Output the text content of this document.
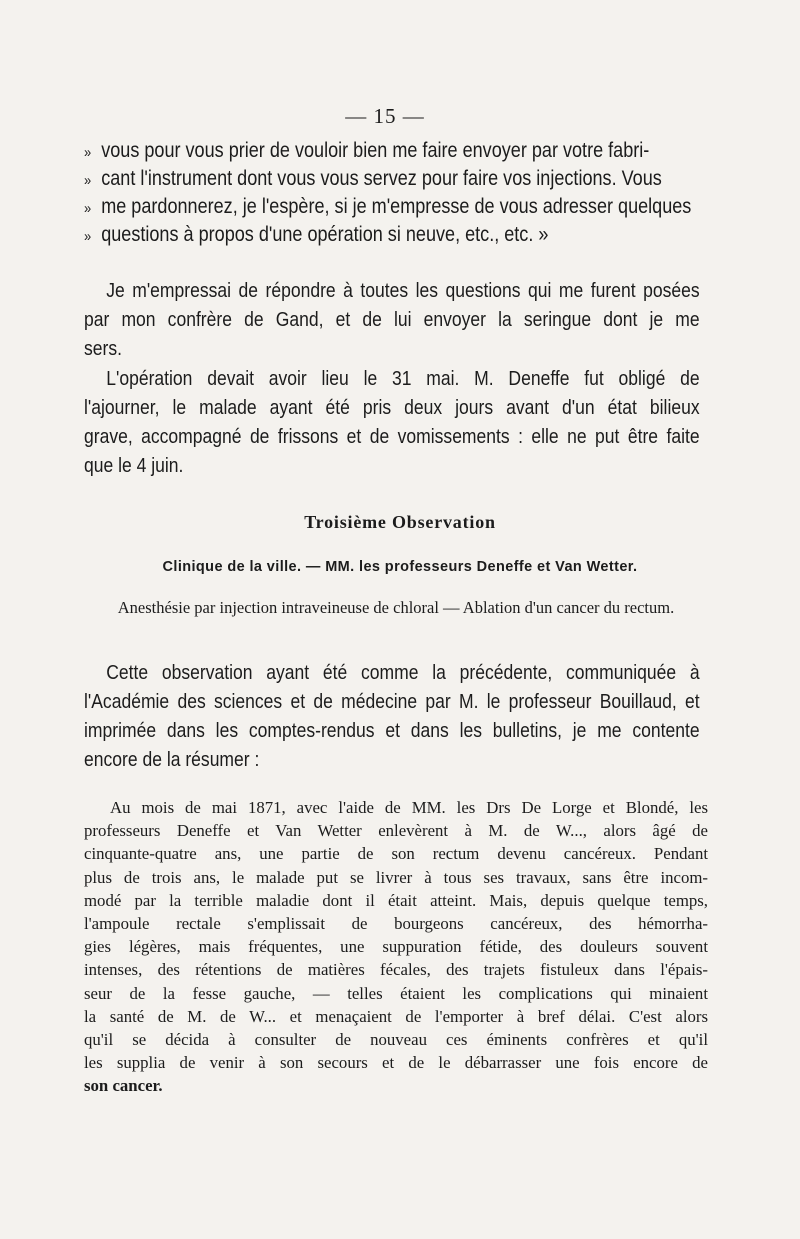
— 15 —
» vous pour vous prier de vouloir bien me faire envoyer par votre fabri-
» cant l'instrument dont vous vous servez pour faire vos injections. Vous
» me pardonnerez, je l'espère, si je m'empresse de vous adresser quelques
» questions à propos d'une opération si neuve, etc., etc. »
Je m'empressai de répondre à toutes les questions qui me furent posées
par mon confrère de Gand, et de lui envoyer la seringue dont je me
sers.
L'opération devait avoir lieu le 31 mai. M. Deneffe fut obligé de
l'ajourner, le malade ayant été pris deux jours avant d'un état bilieux
grave, accompagné de frissons et de vomissements : elle ne put être faite
que le 4 juin.
Troisième Observation
Clinique de la ville. — MM. les professeurs Deneffe et Van Wetter.
Anesthésie par injection intraveineuse de chloral — Ablation d'un cancer du rectum.
Cette observation ayant été comme la précédente, communiquée à
l'Académie des sciences et de médecine par M. le professeur Bouillaud, et
imprimée dans les comptes-rendus et dans les bulletins, je me contente
encore de la résumer :
Au mois de mai 1871, avec l'aide de MM. les Drs De Lorge et Blondé, les
professeurs Deneffe et Van Wetter enlevèrent à M. de W..., alors âgé de
cinquante-quatre ans, une partie de son rectum devenu cancéreux. Pendant
plus de trois ans, le malade put se livrer à tous ses travaux, sans être incom-
modé par la terrible maladie dont il était atteint. Mais, depuis quelque temps,
l'ampoule rectale s'emplissait de bourgeons cancéreux, des hémorrha-
gies légères, mais fréquentes, une suppuration fétide, des douleurs souvent
intenses, des rétentions de matières fécales, des trajets fistuleux dans l'épais-
seur de la fesse gauche, — telles étaient les complications qui minaient
la santé de M. de W... et menaçaient de l'emporter à bref délai. C'est alors
qu'il se décida à consulter de nouveau ces éminents confrères et qu'il
les supplia de venir à son secours et de le débarrasser une fois encore de
son cancer.
